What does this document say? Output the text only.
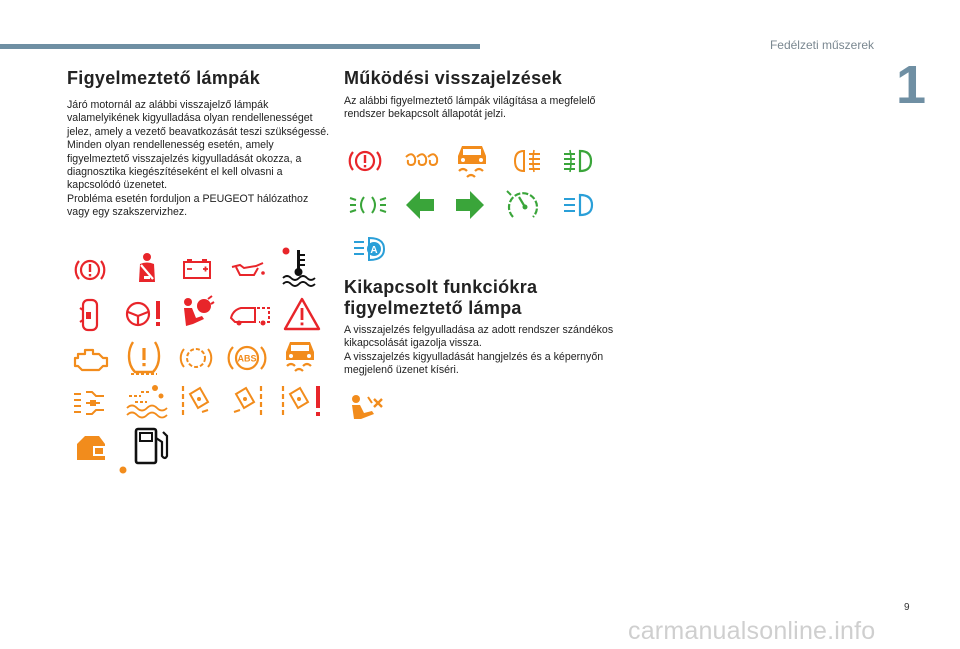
Fedélzeti műszerek
1
Figyelmeztető lámpák

Járó motornál az alábbi visszajelző lámpák valamelyikének kigyulladása olyan rendellenességet jelez, amely a vezető beavatkozását teszi szükségessé.

Minden olyan rendellenesség esetén, amely figyelmeztető visszajelzés kigyulladását okozza, a diagnosztika kiegészítéseként el kell olvasni a kapcsolódó üzenetet.

Probléma esetén forduljon a PEUGEOT hálózathoz vagy egy szakszervizhez.

ABS
Működési visszajelzések

Az alábbi figyelmeztető lámpák világítása a megfelelő rendszer bekapcsolt állapotát jelzi.

A
Kikapcsolt funkciókra figyelmeztető lámpa

A visszajelzés felgyulladása az adott rendszer szándékos kikapcsolását igazolja vissza.

A visszajelzés kigyulladását hangjelzés és a képernyőn megjelenő üzenet kíséri.

9
carmanualsonline.info
